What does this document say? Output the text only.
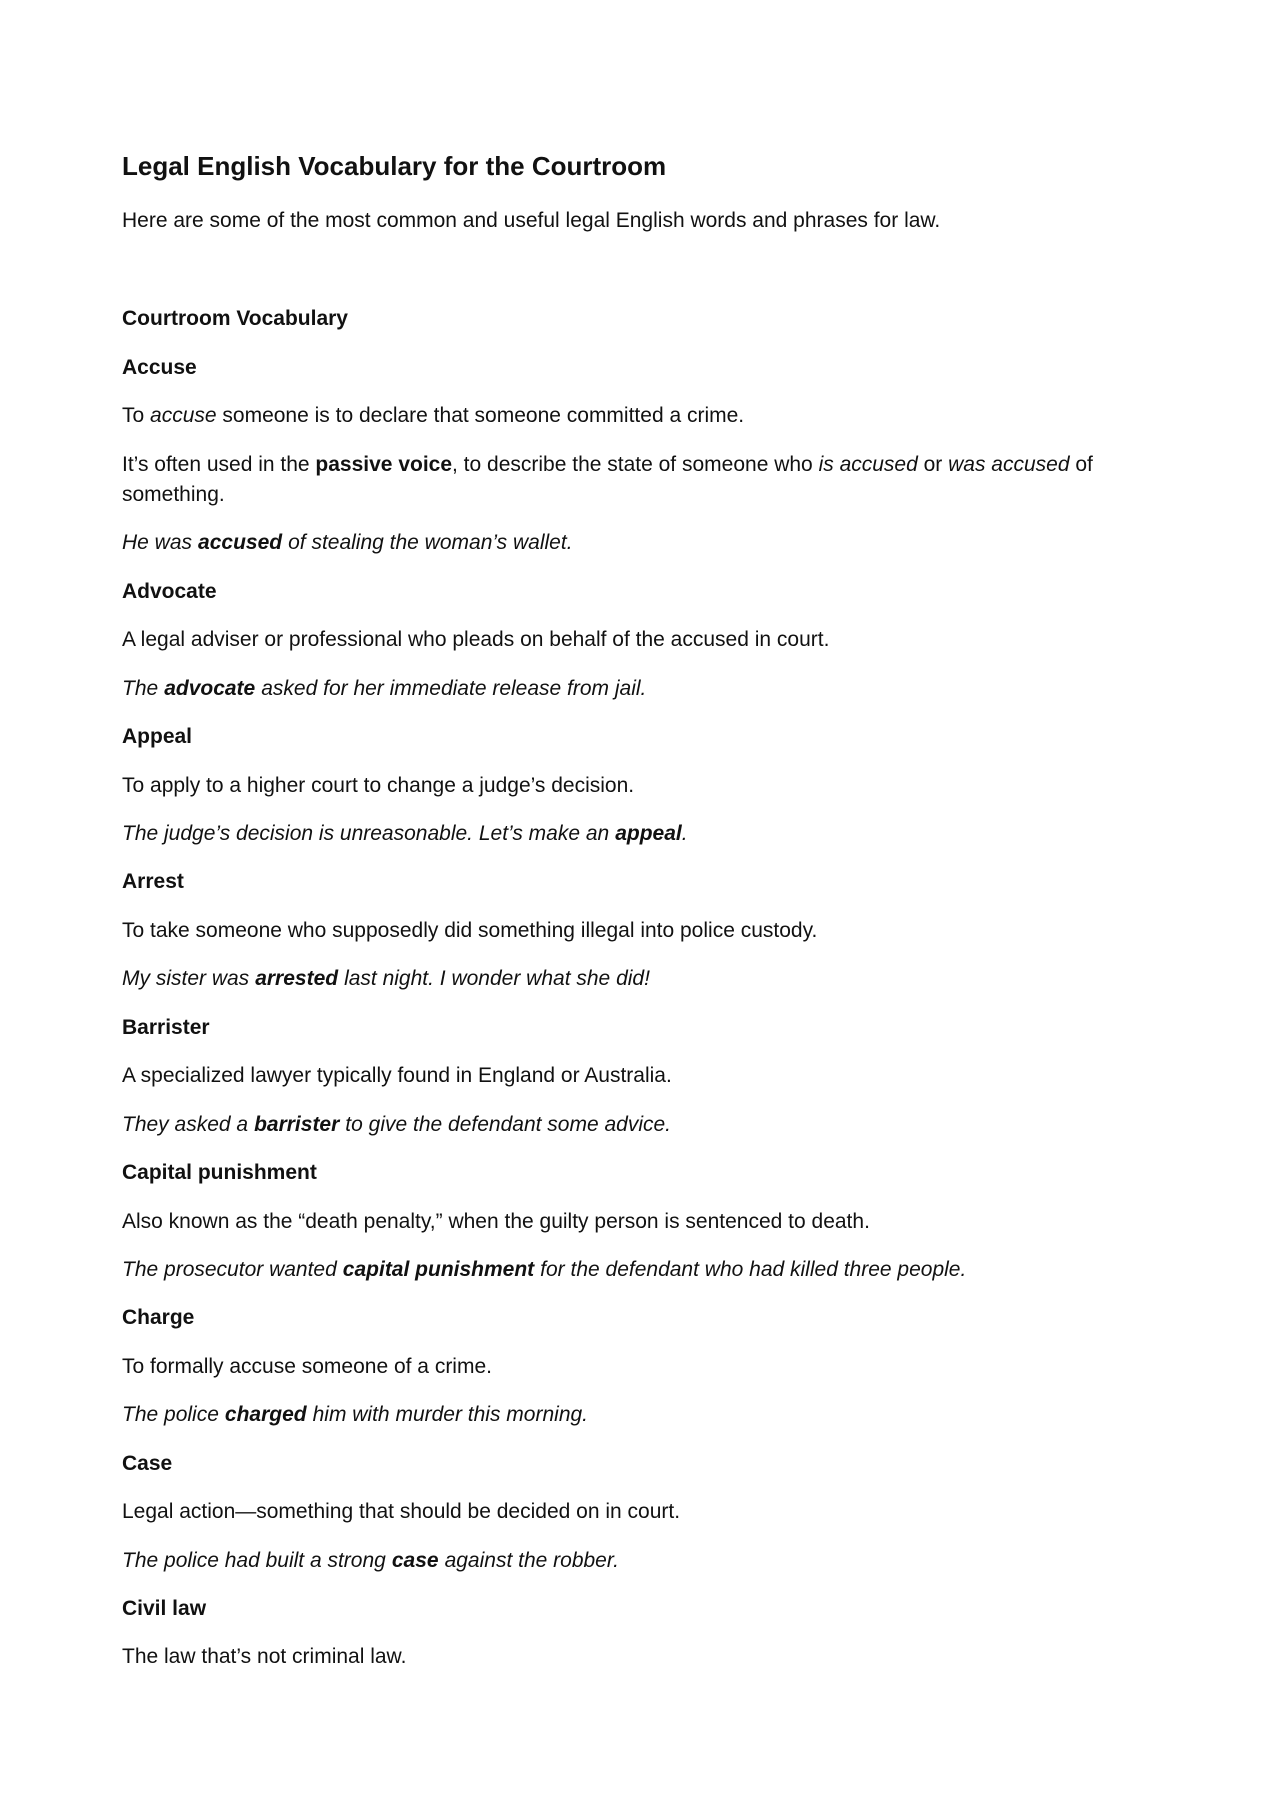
Legal English Vocabulary for the Courtroom

Here are some of the most common and useful legal English words and phrases for law.

Courtroom Vocabulary

Accuse

To accuse someone is to declare that someone committed a crime.

It’s often used in the passive voice, to describe the state of someone who is accused or was accused of something.

He was accused of stealing the woman’s wallet.

Advocate

A legal adviser or professional who pleads on behalf of the accused in court.

The advocate asked for her immediate release from jail.

Appeal

To apply to a higher court to change a judge’s decision.

The judge’s decision is unreasonable. Let’s make an appeal.

Arrest

To take someone who supposedly did something illegal into police custody.

My sister was arrested last night. I wonder what she did!

Barrister

A specialized lawyer typically found in England or Australia.

They asked a barrister to give the defendant some advice.

Capital punishment

Also known as the “death penalty,” when the guilty person is sentenced to death.

The prosecutor wanted capital punishment for the defendant who had killed three people.

Charge

To formally accuse someone of a crime.

The police charged him with murder this morning.

Case

Legal action—something that should be decided on in court.

The police had built a strong case against the robber.

Civil law

The law that’s not criminal law.
